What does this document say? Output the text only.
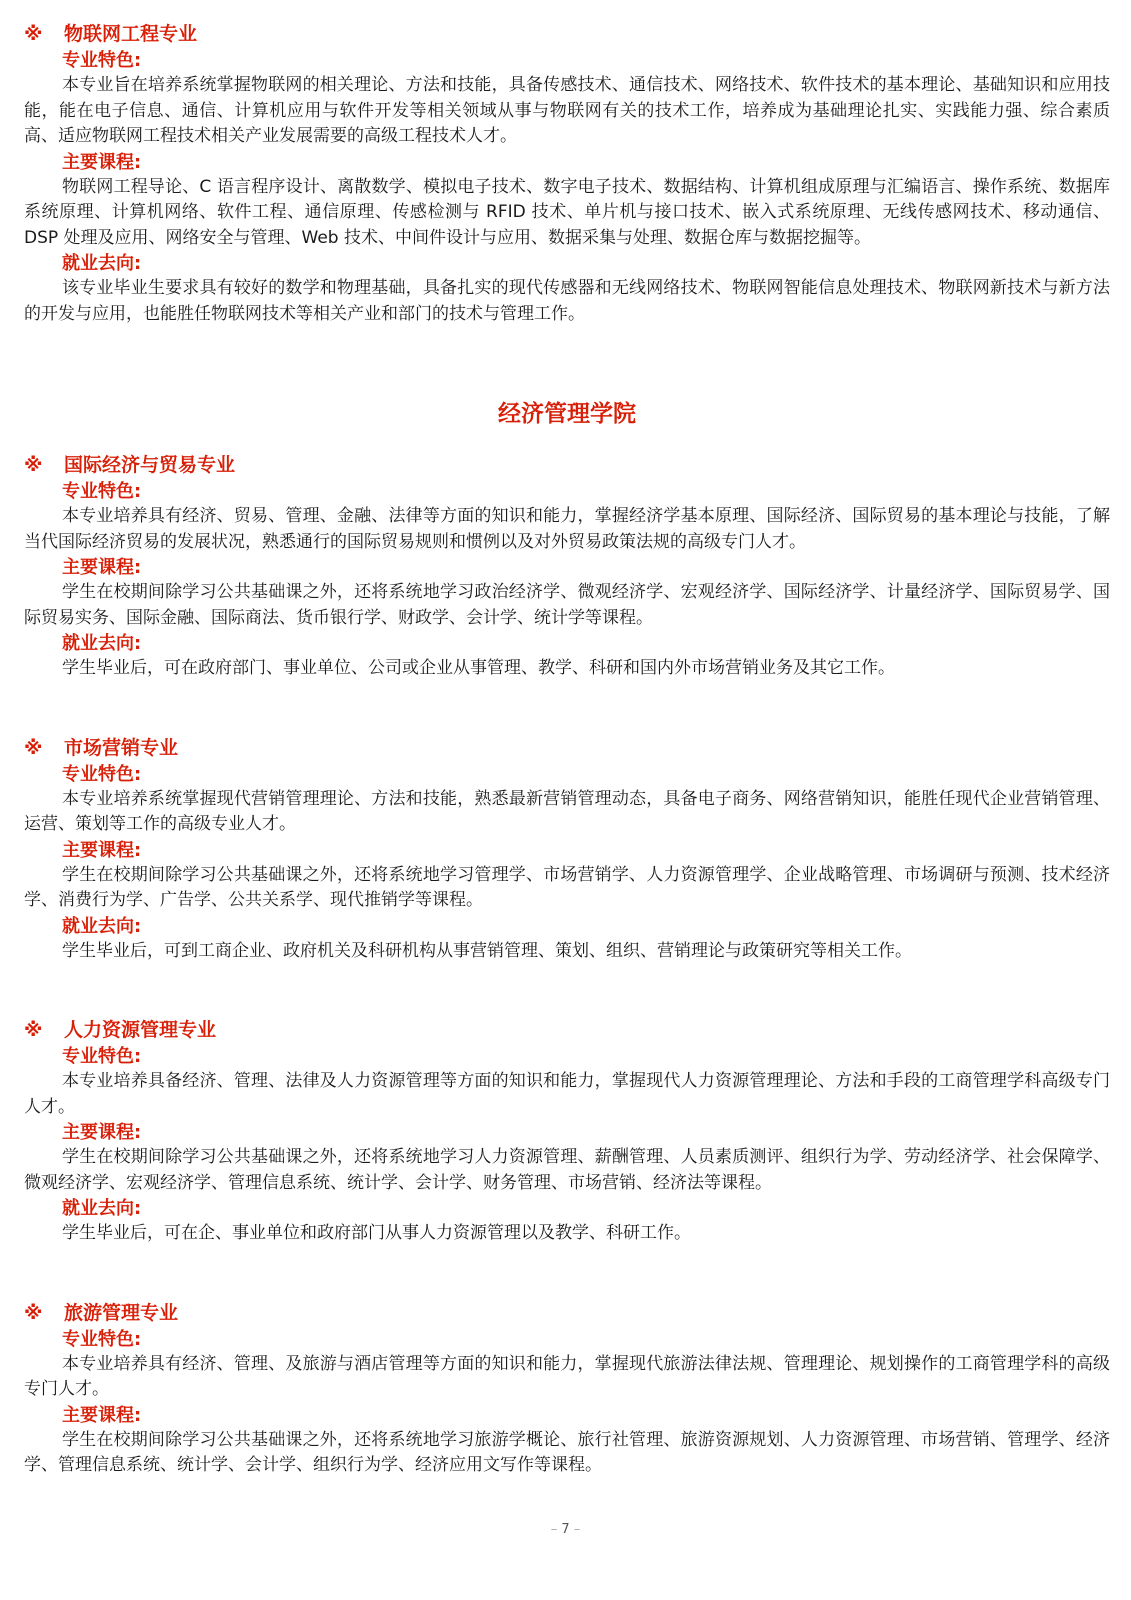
※ 物联网工程专业

专业特色:

本专业旨在培养系统掌握物联网的相关理论、方法和技能，具备传感技术、通信技术、网络技术、软件技术的基本理论、基础知识和应用技能，能在电子信息、通信、计算机应用与软件开发等相关领域从事与物联网有关的技术工作，培养成为基础理论扎实、实践能力强、综合素质高、适应物联网工程技术相关产业发展需要的高级工程技术人才。

主要课程:

物联网工程导论、C 语言程序设计、离散数学、模拟电子技术、数字电子技术、数据结构、计算机组成原理与汇编语言、操作系统、数据库系统原理、计算机网络、软件工程、通信原理、传感检测与 RFID 技术、单片机与接口技术、嵌入式系统原理、无线传感网技术、移动通信、DSP 处理及应用、网络安全与管理、Web 技术、中间件设计与应用、数据采集与处理、数据仓库与数据挖掘等。

就业去向:

该专业毕业生要求具有较好的数学和物理基础，具备扎实的现代传感器和无线网络技术、物联网智能信息处理技术、物联网新技术与新方法的开发与应用，也能胜任物联网技术等相关产业和部门的技术与管理工作。

经济管理学院
※ 国际经济与贸易专业

专业特色:

本专业培养具有经济、贸易、管理、金融、法律等方面的知识和能力，掌握经济学基本原理、国际经济、国际贸易的基本理论与技能，了解当代国际经济贸易的发展状况，熟悉通行的国际贸易规则和惯例以及对外贸易政策法规的高级专门人才。

主要课程:

学生在校期间除学习公共基础课之外，还将系统地学习政治经济学、微观经济学、宏观经济学、国际经济学、计量经济学、国际贸易学、国际贸易实务、国际金融、国际商法、货币银行学、财政学、会计学、统计学等课程。

就业去向:

学生毕业后，可在政府部门、事业单位、公司或企业从事管理、教学、科研和国内外市场营销业务及其它工作。

※ 市场营销专业

专业特色:

本专业培养系统掌握现代营销管理理论、方法和技能，熟悉最新营销管理动态，具备电子商务、网络营销知识，能胜任现代企业营销管理、运营、策划等工作的高级专业人才。

主要课程:

学生在校期间除学习公共基础课之外，还将系统地学习管理学、市场营销学、人力资源管理学、企业战略管理、市场调研与预测、技术经济学、消费行为学、广告学、公共关系学、现代推销学等课程。

就业去向:

学生毕业后，可到工商企业、政府机关及科研机构从事营销管理、策划、组织、营销理论与政策研究等相关工作。

※ 人力资源管理专业

专业特色:

本专业培养具备经济、管理、法律及人力资源管理等方面的知识和能力，掌握现代人力资源管理理论、方法和手段的工商管理学科高级专门人才。

主要课程:

学生在校期间除学习公共基础课之外，还将系统地学习人力资源管理、薪酬管理、人员素质测评、组织行为学、劳动经济学、社会保障学、微观经济学、宏观经济学、管理信息系统、统计学、会计学、财务管理、市场营销、经济法等课程。

就业去向:

学生毕业后，可在企、事业单位和政府部门从事人力资源管理以及教学、科研工作。

※ 旅游管理专业

专业特色:

本专业培养具有经济、管理、及旅游与酒店管理等方面的知识和能力，掌握现代旅游法律法规、管理理论、规划操作的工商管理学科的高级专门人才。

主要课程:

学生在校期间除学习公共基础课之外，还将系统地学习旅游学概论、旅行社管理、旅游资源规划、人力资源管理、市场营销、管理学、经济学、管理信息系统、统计学、会计学、组织行为学、经济应用文写作等课程。

– 7 –
